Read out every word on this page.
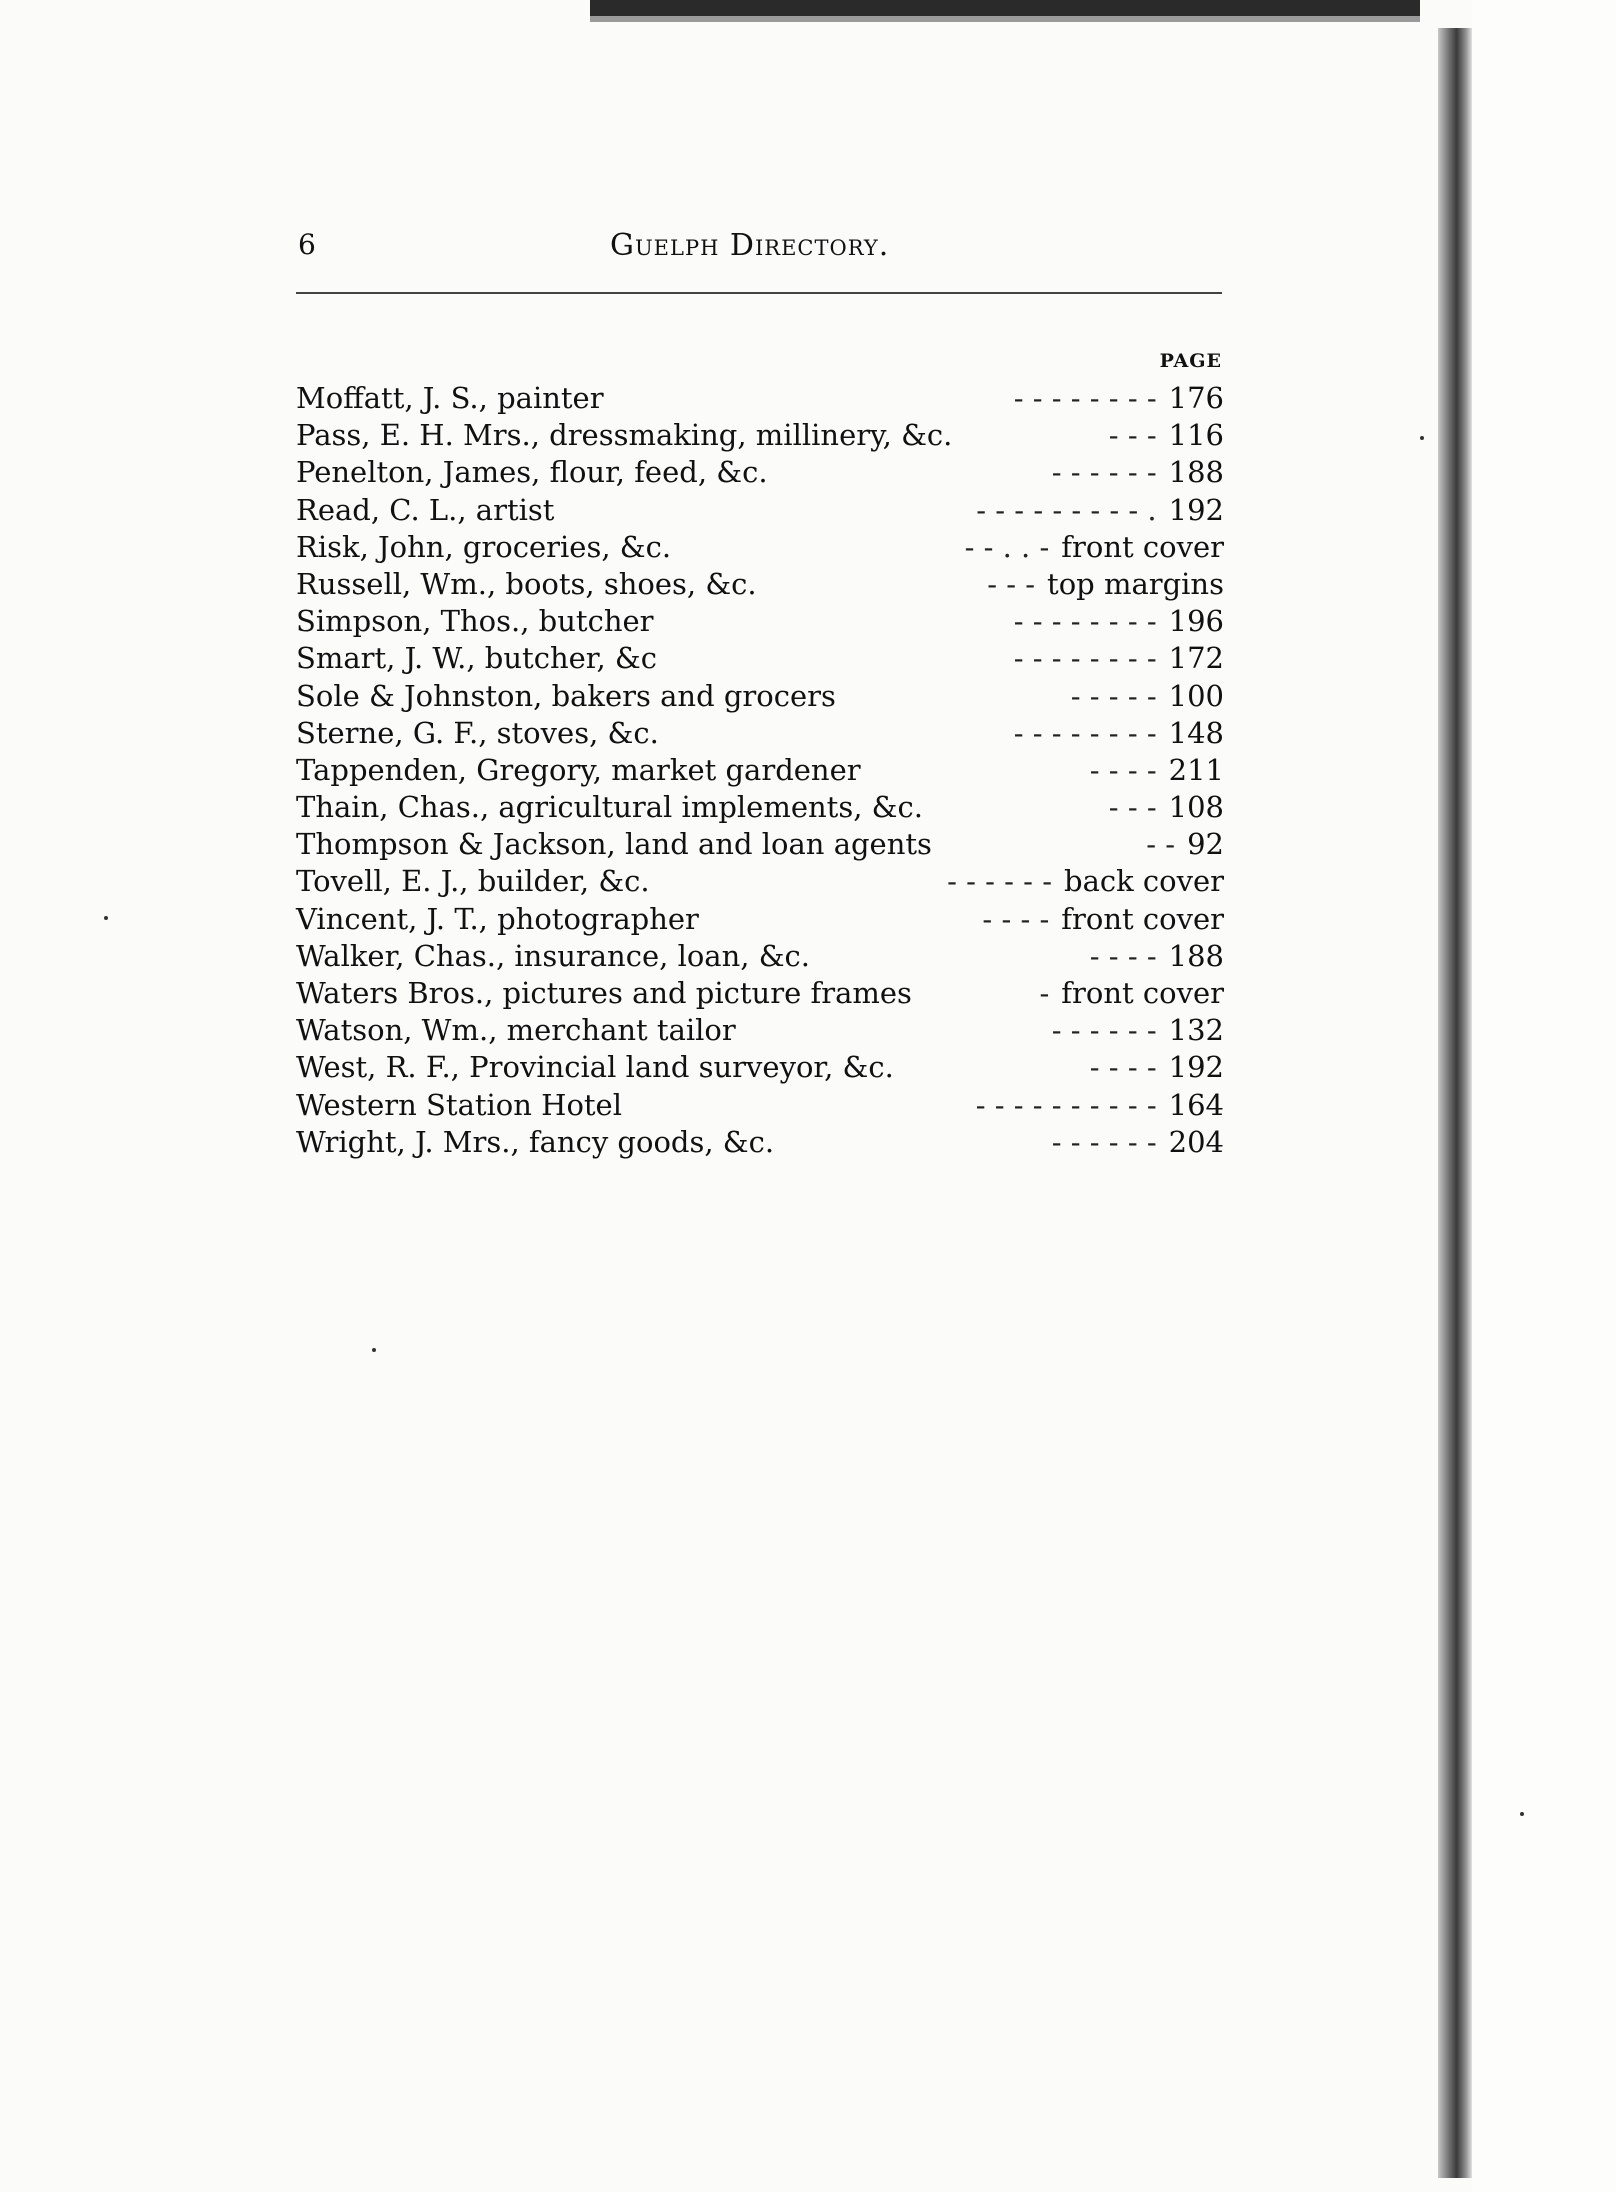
6	Guelph Directory.
PAGE
Moffatt, J. S., painter	- - - - - - - - 176
Pass, E. H. Mrs., dressmaking, millinery, &c.	- - - 116
Penelton, James, flour, feed, &c.	- - - - - - 188
Read, C. L., artist	- - - - - - - - - . 192
Risk, John, groceries, &c.	- - . . - front cover
Russell, Wm., boots, shoes, &c.	- - - top margins
Simpson, Thos., butcher	- - - - - - - - 196
Smart, J. W., butcher, &c	- - - - - - - - 172
Sole & Johnston, bakers and grocers	- - - - - 100
Sterne, G. F., stoves, &c.	- - - - - - - - 148
Tappenden, Gregory, market gardener	- - - - 211
Thain, Chas., agricultural implements, &c.	- - - 108
Thompson & Jackson, land and loan agents	- - 92
Tovell, E. J., builder, &c.	- - - - - - back cover
Vincent, J. T., photographer	- - - - front cover
Walker, Chas., insurance, loan, &c.	- - - - 188
Waters Bros., pictures and picture frames	- front cover
Watson, Wm., merchant tailor	- - - - - - 132
West, R. F., Provincial land surveyor, &c.	- - - - 192
Western Station Hotel	- - - - - - - - - - 164
Wright, J. Mrs., fancy goods, &c.	- - - - - - 204
